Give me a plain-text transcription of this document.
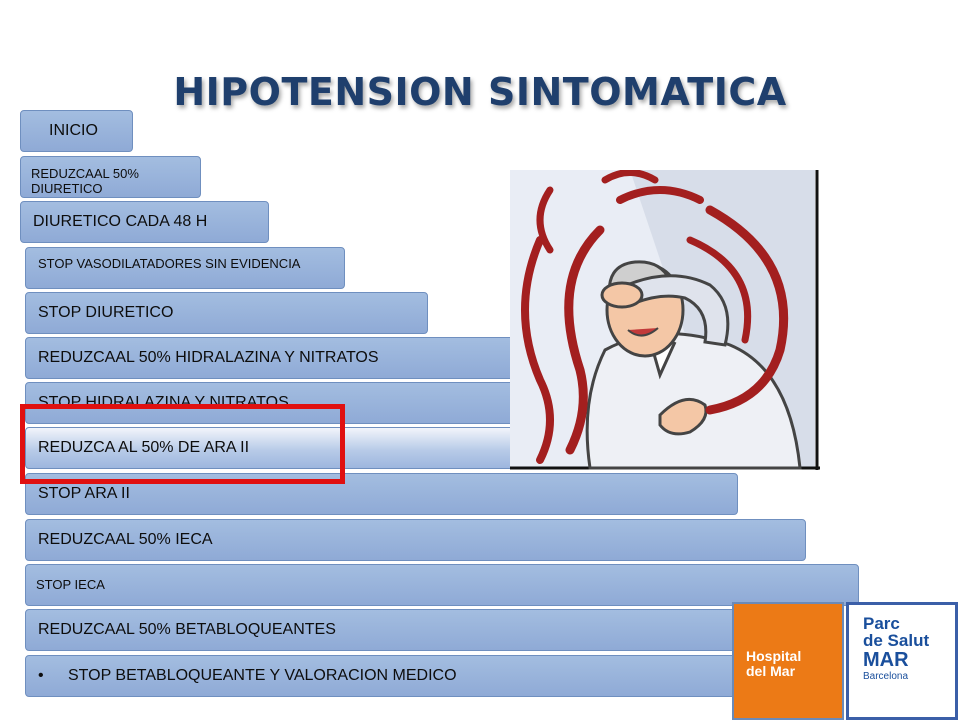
HIPOTENSION SINTOMATICA
INICIO
REDUZCAAL 50% DIURETICO
DIURETICO CADA 48 H
STOP VASODILATADORES SIN EVIDENCIA
STOP DIURETICO
REDUZCAAL 50% HIDRALAZINA Y NITRATOS
STOP HIDRALAZINA Y NITRATOS
REDUZCA AL 50% DE ARA II
STOP ARA II
REDUZCAAL 50% IECA
STOP IECA
REDUZCAAL 50% BETABLOQUEANTES
• STOP BETABLOQUEANTE Y VALORACION MEDICO
Hospital
del Mar
Parc
de Salut
MAR
Barcelona
